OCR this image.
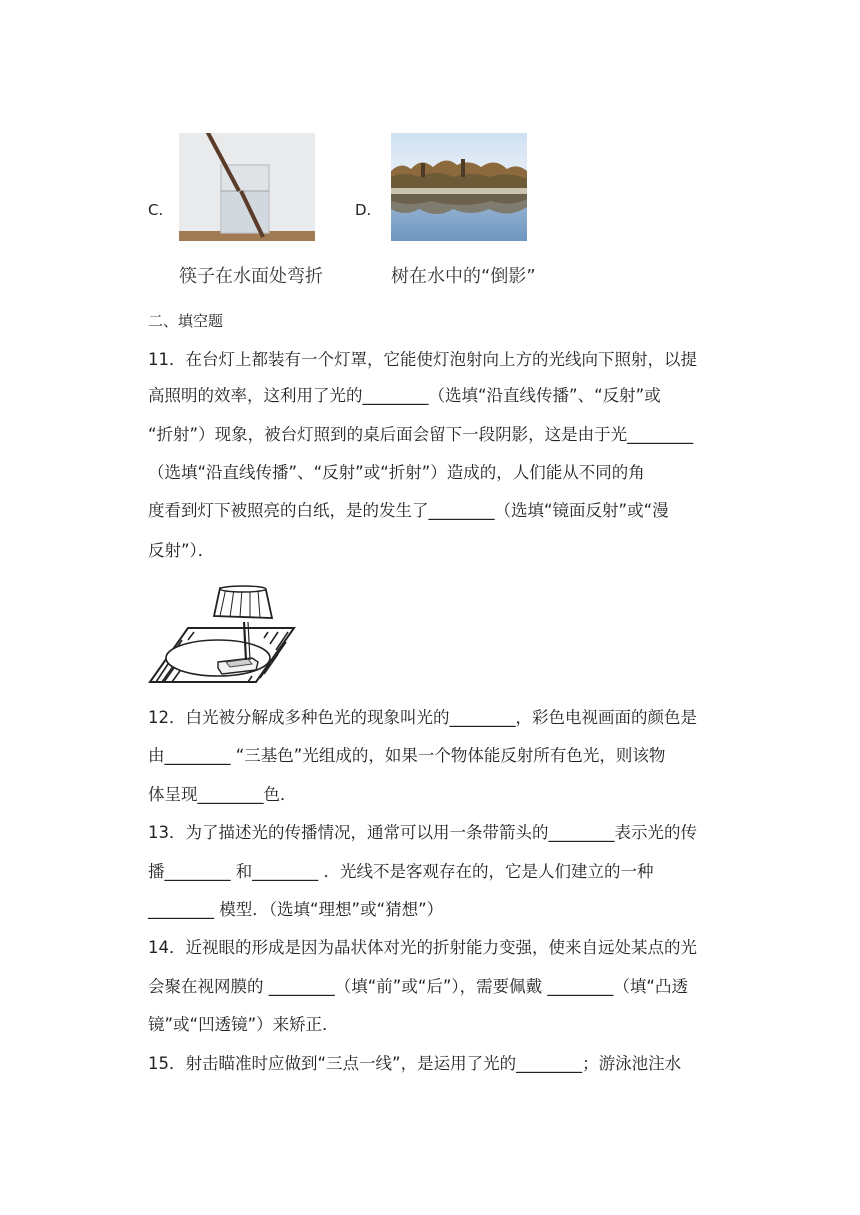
C.
筷子在水面处弯折
D.
树在水中的“倒影”
二、填空题
11．在台灯上都装有一个灯罩，它能使灯泡射向上方的光线向下照射，以提
高照明的效率，这利用了光的________（选填“沿直线传播”、“反射”或
“折射”）现象，被台灯照到的桌后面会留下一段阴影，这是由于光________
（选填“沿直线传播”、“反射”或“折射”）造成的，人们能从不同的角
度看到灯下被照亮的白纸，是的发生了________（选填“镜面反射”或“漫
反射”）．
12．白光被分解成多种色光的现象叫光的________，彩色电视画面的颜色是
由________ “三基色”光组成的，如果一个物体能反射所有色光，则该物
体呈现________色．
13．为了描述光的传播情况，通常可以用一条带箭头的________表示光的传
播________ 和________ ．光线不是客观存在的，它是人们建立的一种
________ 模型．（选填“理想”或“猜想”）
14．近视眼的形成是因为晶状体对光的折射能力变强，使来自远处某点的光
会聚在视网膜的 ________（填“前”或“后”），需要佩戴 ________（填“凸透
镜”或“凹透镜”）来矫正．
15．射击瞄准时应做到“三点一线”，是运用了光的________；游泳池注水
